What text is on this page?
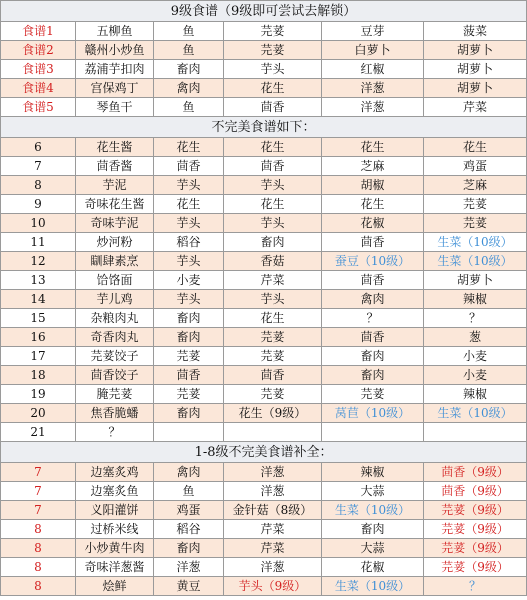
9级食谱（9级即可尝试去解锁）					
食谱1	五柳鱼	鱼	芫荽	豆芽	菠菜
食谱2	赣州小炒鱼	鱼	芫荽	白萝卜	胡萝卜
食谱3	荔浦芋扣肉	畜肉	芋头	红椒	胡萝卜
食谱4	宫保鸡丁	禽肉	花生	洋葱	胡萝卜
食谱5	琴鱼干	鱼	茴香	洋葱	芹菜
不完美食谱如下：					
6	花生酱	花生	花生	花生	花生
7	茴香酱	茴香	茴香	芝麻	鸡蛋
8	芋泥	芋头	芋头	胡椒	芝麻
9	奇味花生酱	花生	花生	花生	芫荽
10	奇味芋泥	芋头	芋头	花椒	芫荽
11	炒河粉	稻谷	畜肉	茴香	生菜（10级）
12	瞓肆素烹	芋头	香菇	蚕豆（10级）	生菜（10级）
13	饸饹面	小麦	芹菜	茴香	胡萝卜
14	芋儿鸡	芋头	芋头	禽肉	辣椒
15	杂粮肉丸	畜肉	花生	？	？
16	奇香肉丸	畜肉	芫荽	茴香	葱
17	芫荽饺子	芫荽	芫荽	畜肉	小麦
18	茴香饺子	茴香	茴香	畜肉	小麦
19	腌芫荽	芫荽	芫荽	芫荽	辣椒
20	焦香脆蟠	畜肉	花生（9级）	莴苣（10级）	生菜（10级）
21	？				
1-8级不完美食谱补全：					
7	边塞炙鸡	禽肉	洋葱	辣椒	茴香（9级）
7	边塞炙鱼	鱼	洋葱	大蒜	茴香（9级）
7	义阳灌饼	鸡蛋	金针菇（8级）	生菜（10级）	芫荽（9级）
8	过桥米线	稻谷	芹菜	畜肉	芫荽（9级）
8	小炒黄牛肉	畜肉	芹菜	大蒜	芫荽（9级）
8	奇味洋葱酱	洋葱	洋葱	花椒	芫荽（9级）
8	烩鲜	黄豆	芋头（9级）	生菜（10级）	？
